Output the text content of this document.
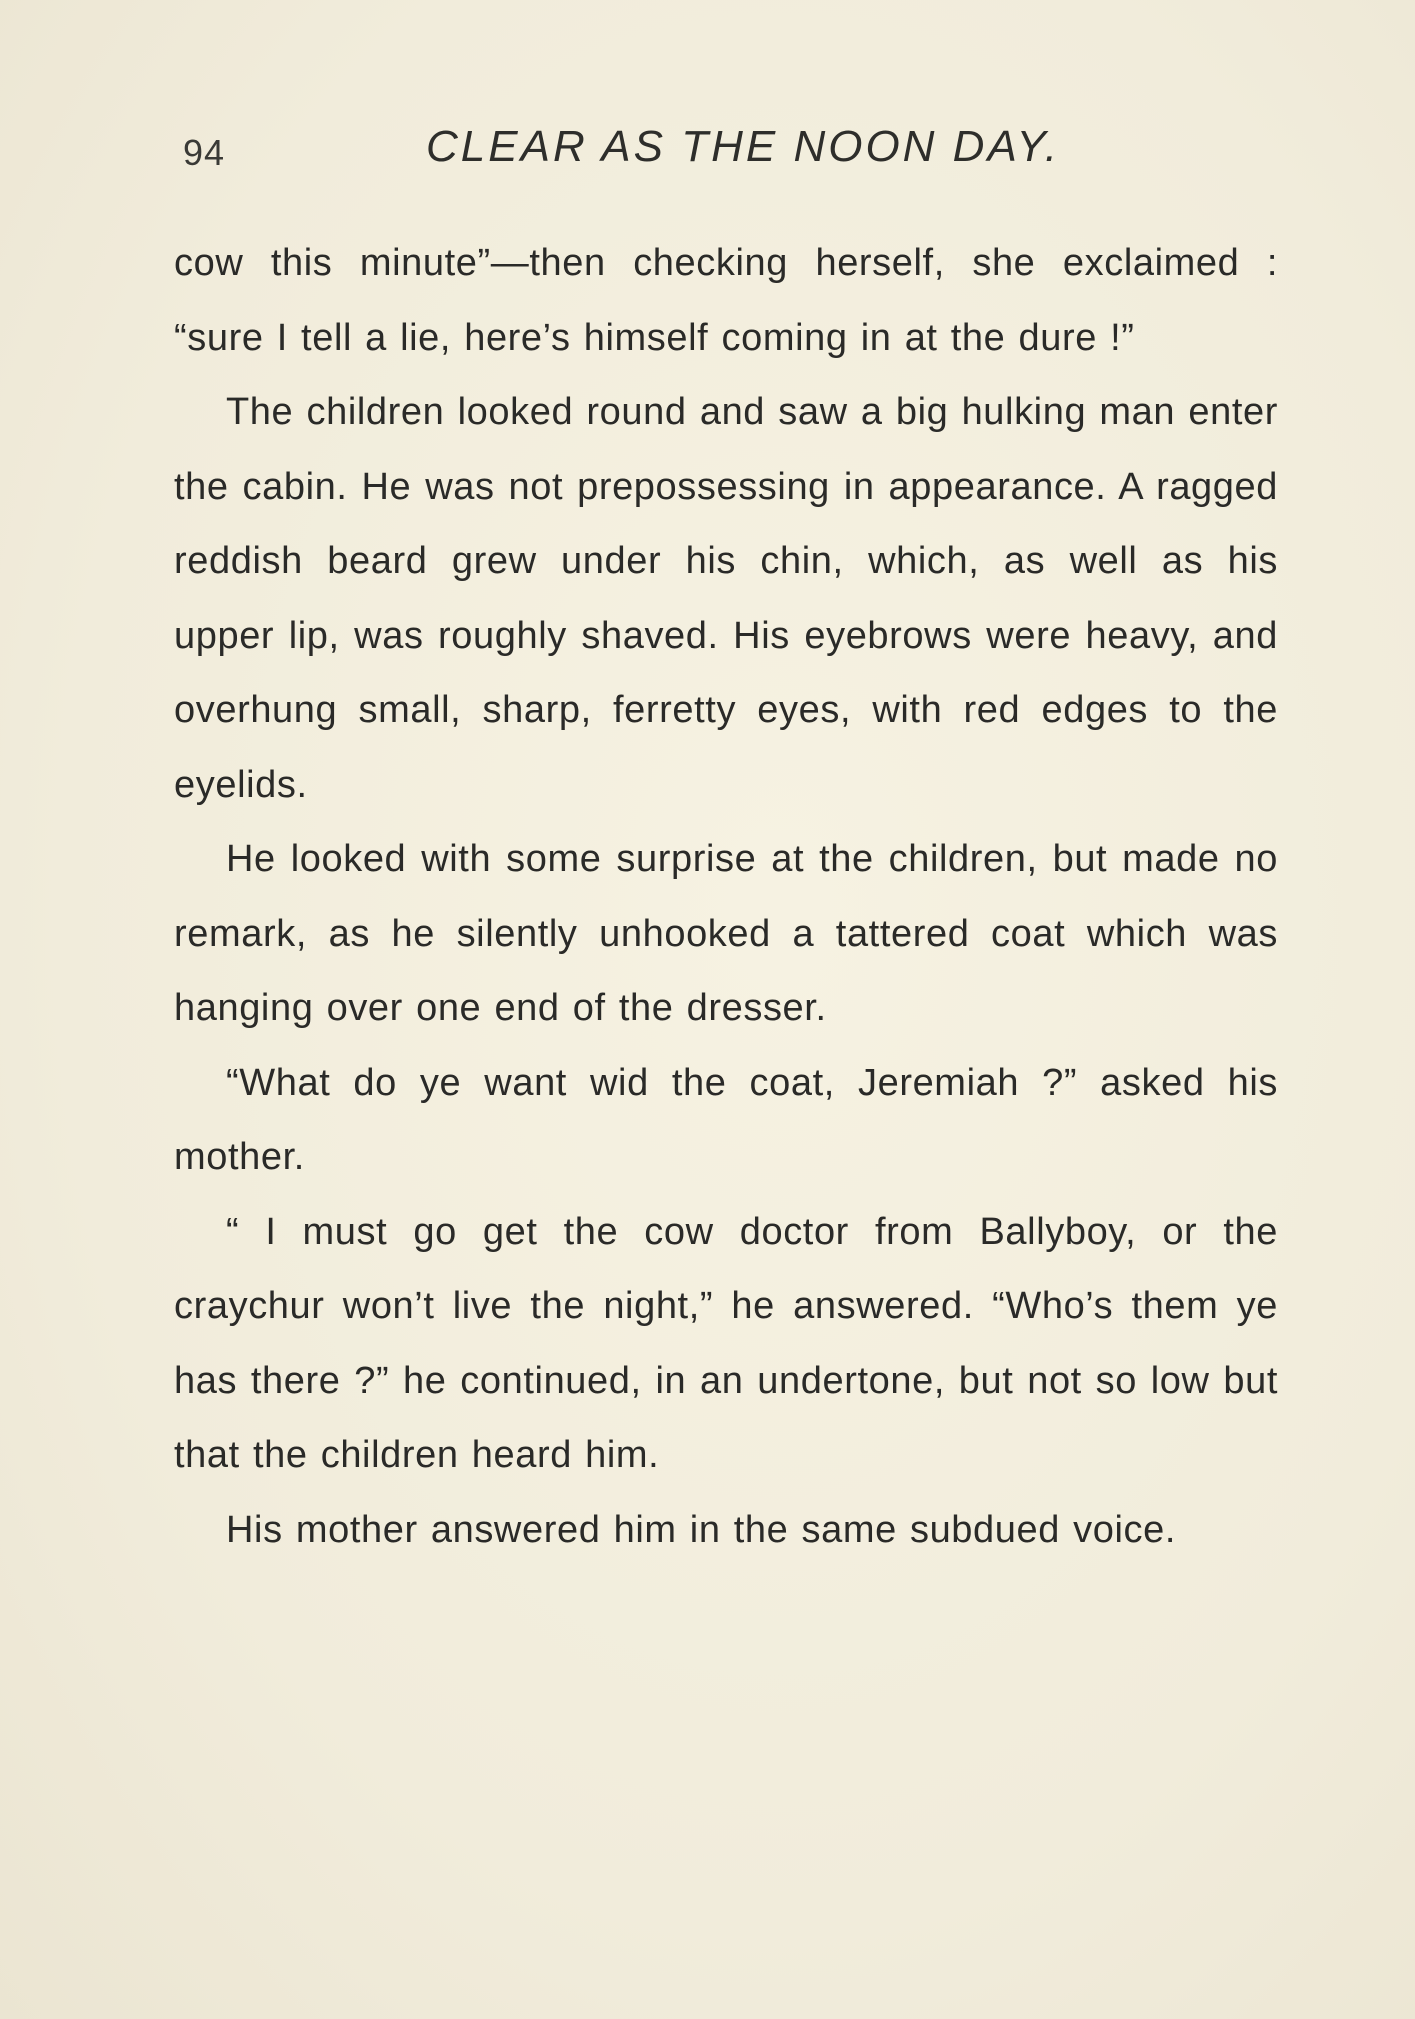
94	CLEAR AS THE NOON DAY.

cow this minute”—then checking herself, she exclaimed : “sure I tell a lie, here’s himself coming in at the dure !”

The children looked round and saw a big hulking man enter the cabin. He was not prepossessing in appearance. A ragged reddish beard grew under his chin, which, as well as his upper lip, was roughly shaved. His eyebrows were heavy, and overhung small, sharp, ferretty eyes, with red edges to the eyelids.

He looked with some surprise at the children, but made no remark, as he silently unhooked a tattered coat which was hanging over one end of the dresser.

“What do ye want wid the coat, Jeremiah ?” asked his mother.

“ I must go get the cow doctor from Ballyboy, or the craychur won’t live the night,” he answered. “Who’s them ye has there ?” he continued, in an undertone, but not so low but that the children heard him.

His mother answered him in the same subdued voice.
